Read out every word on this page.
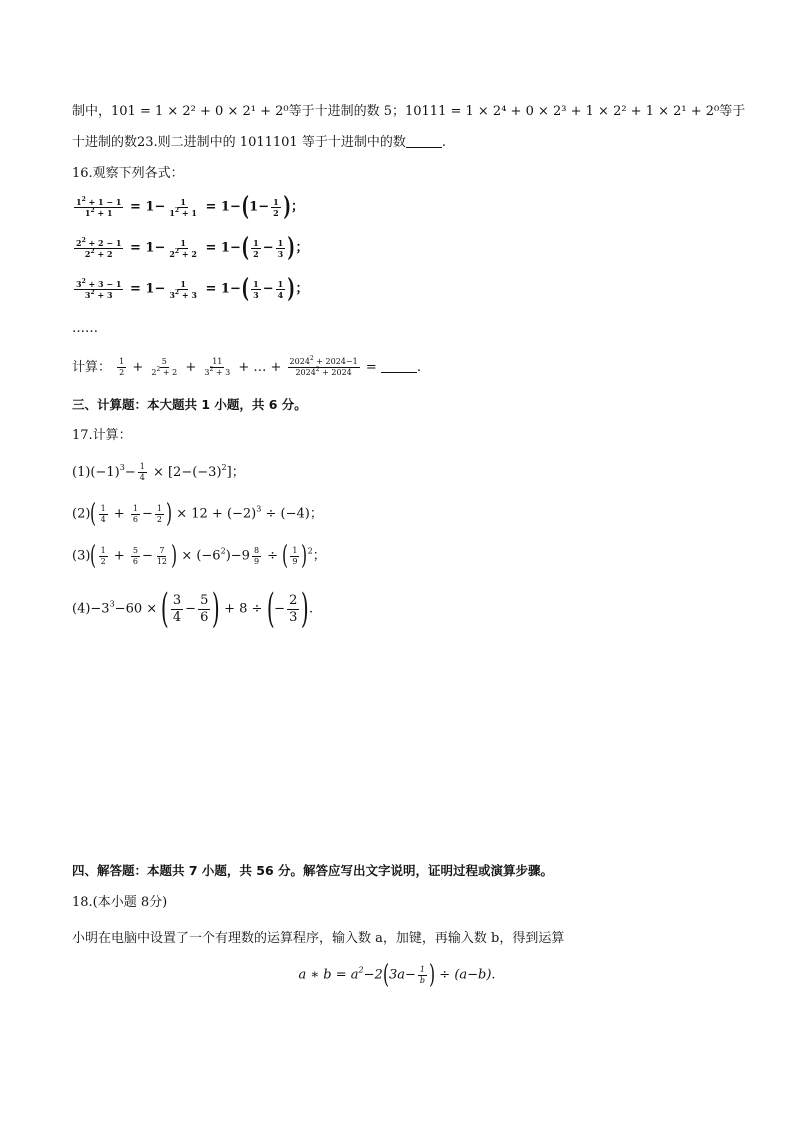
制中，101 = 1 × 2² + 0 × 2¹ + 2⁰等于十进制的数 5；10111 = 1 × 2⁴ + 0 × 2³ + 1 × 2² + 1 × 2¹ + 2⁰等于
十进制的数23.则二进制中的 1011101 等于十进制中的数	.
16.观察下列各式：
$\frac{1^2 + 1 - 1}{1^2 + 1} = 1- \frac{1}{1^2 + 1} = 1-(1- \frac{1}{2}$ )；
$\frac{2^2 + 2 - 1}{2^2 + 2} = 1- \frac{1}{2^2 + 2} = 1-( \frac{1}{2} - \frac{1}{3}$ )；
$\frac{3^2 + 3 - 1}{3^2 + 3} = 1- \frac{1}{3^2 + 3} = 1-( \frac{1}{3} - \frac{1}{4}$ )；
……
计算： $\frac{1}{2} + \frac{5}{2^2 + 2} + \frac{11}{3^2 + 3}$ + … + $\frac{2024^2 + 2024-1}{2024^2 + 2024}$ =	.
三、计算题：本大题共 1 小题，共 6 分。
17.计算：
$(1)(-1)^3- \frac{1}{4} \times [2-(-3)^2]$；
$(2)( \frac{1}{4} + \frac{1}{6} - \frac{1}{2}$ ) × $12 + (-2)^3 \div (-4)$；
$(3)( \frac{1}{2} + \frac{5}{6} - \frac{7}{12}$ ) × $(-6^2)-9 \frac{8}{9}$ ÷ ( $\frac{1}{9} )^2$；
$(4)-3^3-60$ × ( $\frac{3}{4} - \frac{5}{6}$ ) + 8 ÷ (− $\frac{2}{3}$ ).
四、解答题：本题共 7 小题，共 56 分。解答应写出文字说明，证明过程或演算步骤。
18.(本小题 8分)
小明在电脑中设置了一个有理数的运算程序，输入数 a，加键，再输入数 b，得到运算
a ∗ $b = a^2-2(3a- \frac{1}{b}$ ) ÷ (a−b).
